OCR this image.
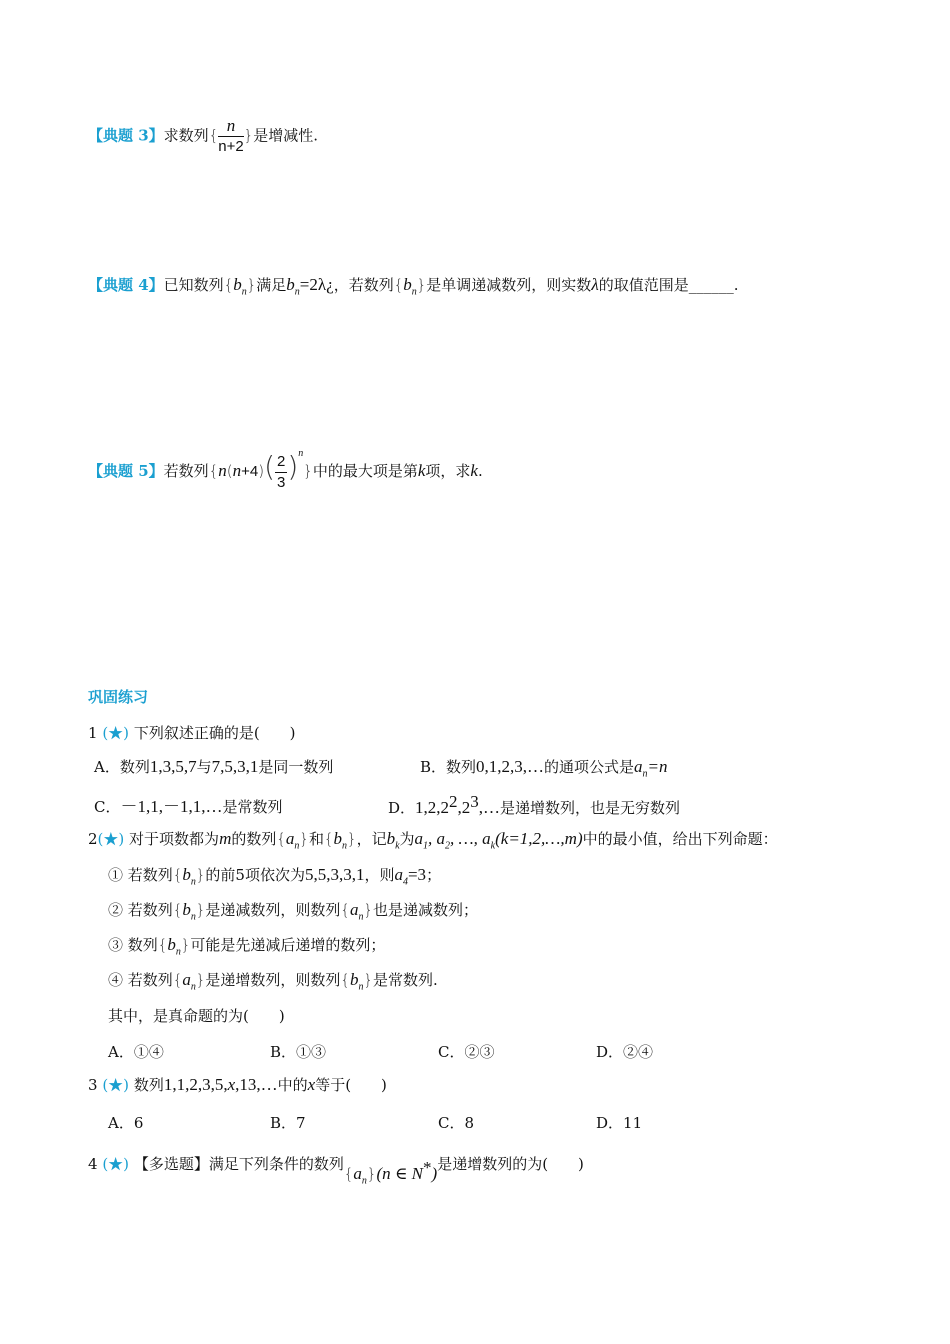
【典题 3】求数列{ $\frac{n}{n+2}$ }是增减性.
【典题 4】已知数列$\{b_n\}$满足$b_n=2\lambda¿$，若数列$\{b_n\}$是单调递减数列，则实数λ的取值范围是______.
【典题 5】若数列$\{n(n+4)( \frac{2}{3} )^n\}$中的最大项是第k项，求k.
巩固练习
1 (★) 下列叙述正确的是(　　)
A．数列1,3,5,7与7,5,3,1是同一数列	B．数列0,1,2,3,…的通项公式是$a_n=n$
C．－1,1,－1,1,…是常数列	D．$1,2,2^2,2^3,\dots$是递增数列，也是无穷数列
2(★) 对于项数都为m的数列$\{a_n\}$和$\{b_n\}$，记$b_k$为$a_1$, $a_2$, …, $a_k(k=1,2,\dots,m)$中的最小值，给出下列命题：
① 若数列$\{b_n\}$的前5项依次为5,5,3,3,1，则$a_4=3$；
② 若数列$\{b_n\}$是递减数列，则数列$\{a_n\}$也是递减数列；
③ 数列$\{b_n\}$可能是先递减后递增的数列；
④ 若数列$\{a_n\}$是递增数列，则数列$\{b_n\}$是常数列.
其中，是真命题的为(　　)
A．①④	B．①③	C．②③	D．②④
3 (★) 数列1,1,2,3,5,x,13,…中的x等于(　　)
A．6	B．7	C．8	D．11
4 (★) 【多选题】满足下列条件的数列$\{a_n\}(n$ ∈ N*)是递增数列的为(　　)
